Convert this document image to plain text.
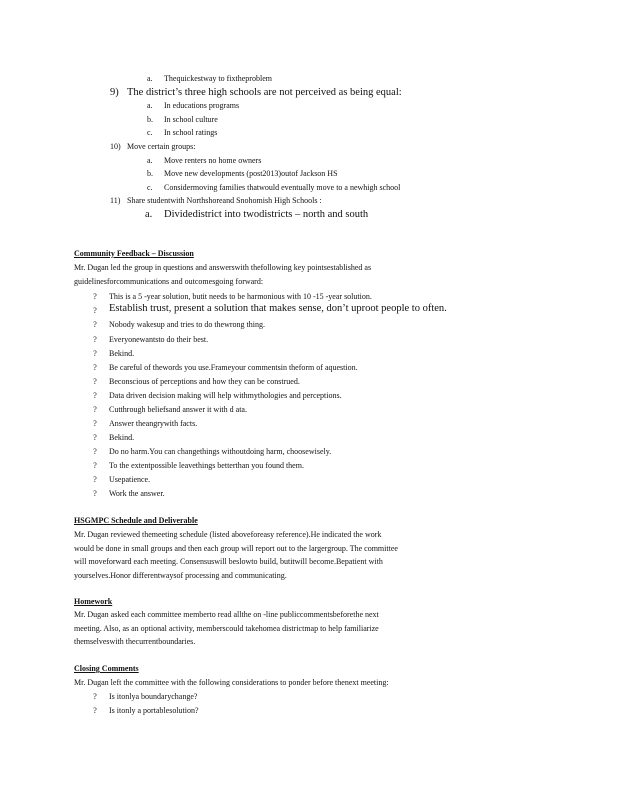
a. Thequickestway to fixtheproblem
9) The district’s three high schools are not perceived as being equal:
a. In educations programs
b. In school culture
c. In school ratings
10) Move certain groups:
a. Move renters no home owners
b. Move new developments (post2013)outof Jackson HS
c. Considermoving families thatwould eventually move to a newhigh school
11) Share studentwith Northshoreand Snohomish High Schools :
a. Dividedistrict into twodistricts – north and south
Community Feedback – Discussion
Mr. Dugan led the group in questions and answerswith thefollowing key pointsestablished as
guidelinesforcommunications and outcomesgoing forward:
? This is a 5 -year solution, butit needs to be harmonious with 10 -15 -year solution.
? Establish trust, present a solution that makes sense, don’t uproot people to often.
? Nobody wakesup and tries to do thewrong thing.
? Everyonewantsto do their best.
? Bekind.
? Be careful of thewords you use.Frameyour commentsin theform of aquestion.
? Beconscious of perceptions and how they can be construed.
? Data driven decision making will help withmythologies and perceptions.
? Cutthrough beliefsand answer it with d ata.
? Answer theangrywith facts.
? Bekind.
? Do no harm.You can changethings withoutdoing harm, choosewisely.
? To the extentpossible leavethings betterthan you found them.
? Usepatience.
? Work the answer.
HSGMPC Schedule and Deliverable
Mr. Dugan reviewed themeeting schedule (listed aboveforeasy reference).He indicated the work
would be done in small groups and then each group will report out to the largergroup. The committee
will moveforward each meeting. Consensuswill beslowto build, butitwill become.Bepatient with
yourselves.Honor differentwaysof processing and communicating.
Homework
Mr. Dugan asked each committee memberto read allthe on -line publiccommentsbeforethe next
meeting. Also, as an optional activity, memberscould takehomea districtmap to help familiarize
themselveswith thecurrentboundaries.
Closing Comments
Mr. Dugan left the committee with the following considerations to ponder before thenext meeting:
? Is itonlya boundarychange?
? Is itonly a portablesolution?
